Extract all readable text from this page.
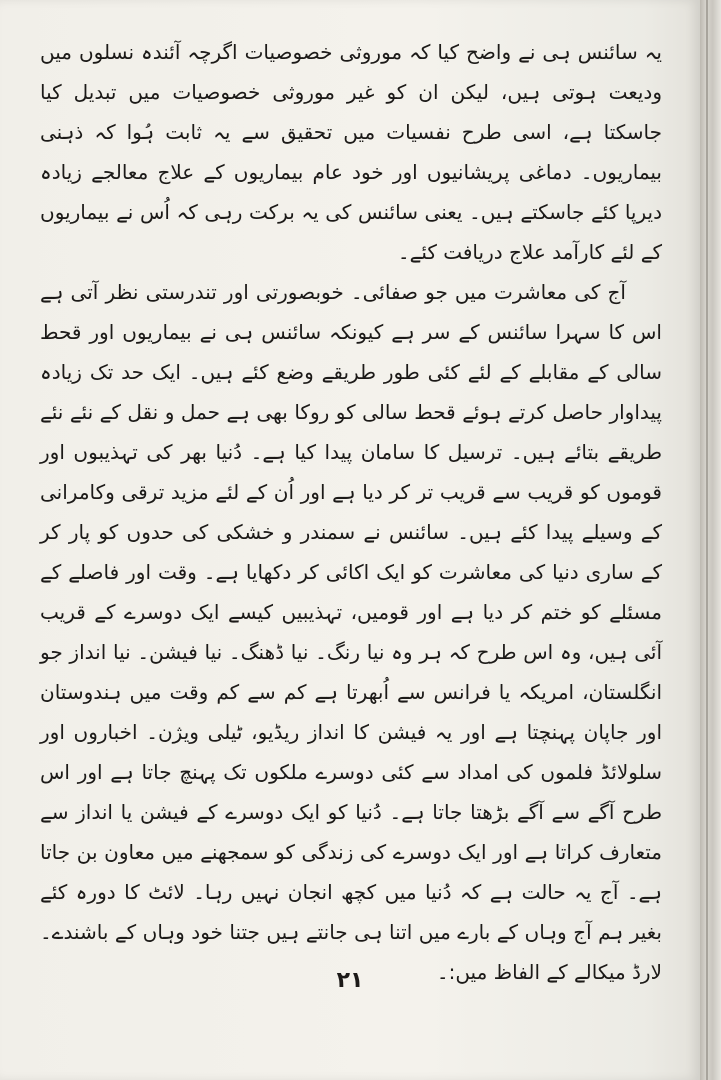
یہ سائنس ہی نے واضح کیا کہ موروثی خصوصیات اگرچہ آئندہ نسلوں میں ودیعت ہوتی ہیں، لیکن ان کو غیر موروثی خصوصیات میں تبدیل کیا جاسکتا ہے، اسی طرح نفسیات میں تحقیق سے یہ ثابت ہُوا کہ ذہنی بیماریوں۔ دماغی پریشانیوں اور خود عام بیماریوں کے علاج معالجے زیادہ دیرپا کئے جاسکتے ہیں۔ یعنی سائنس کی یہ برکت رہی کہ اُس نے بیماریوں کے لئے کارآمد علاج دریافت کئے۔

آج کی معاشرت میں جو صفائی۔ خوبصورتی اور تندرستی نظر آتی ہے اس کا سہرا سائنس کے سر ہے کیونکہ سائنس ہی نے بیماریوں اور قحط سالی کے مقابلے کے لئے کئی طور طریقے وضع کئے ہیں۔ ایک حد تک زیادہ پیداوار حاصل کرتے ہوئے قحط سالی کو روکا بھی ہے حمل و نقل کے نئے نئے طریقے بتائے ہیں۔ ترسیل کا سامان پیدا کیا ہے۔ دُنیا بھر کی تہذیبوں اور قوموں کو قریب سے قریب تر کر دیا ہے اور اُن کے لئے مزید ترقی وکامرانی کے وسیلے پیدا کئے ہیں۔ سائنس نے سمندر و خشکی کی حدوں کو پار کر کے ساری دنیا کی معاشرت کو ایک اکائی کر دکھایا ہے۔ وقت اور فاصلے کے مسئلے کو ختم کر دیا ہے اور قومیں، تہذیبیں کیسے ایک دوسرے کے قریب آئی ہیں، وہ اس طرح کہ ہر وہ نیا رنگ۔ نیا ڈھنگ۔ نیا فیشن۔ نیا انداز جو انگلستان، امریکہ یا فرانس سے اُبھرتا ہے کم سے کم وقت میں ہندوستان اور جاپان پہنچتا ہے اور یہ فیشن کا انداز ریڈیو، ٹیلی ویژن۔ اخباروں اور سلولائڈ فلموں کی امداد سے کئی دوسرے ملکوں تک پہنچ جاتا ہے اور اس طرح آگے سے آگے بڑھتا جاتا ہے۔ دُنیا کو ایک دوسرے کے فیشن یا انداز سے متعارف کراتا ہے اور ایک دوسرے کی زندگی کو سمجھنے میں معاون بن جاتا ہے۔ آج یہ حالت ہے کہ دُنیا میں کچھ انجان نہیں رہا۔ لائٹ کا دورہ کئے بغیر ہم آج وہاں کے بارے میں اتنا ہی جانتے ہیں جتنا خود وہاں کے باشندے۔ لارڈ میکالے کے الفاظ میں:۔

۲۱
